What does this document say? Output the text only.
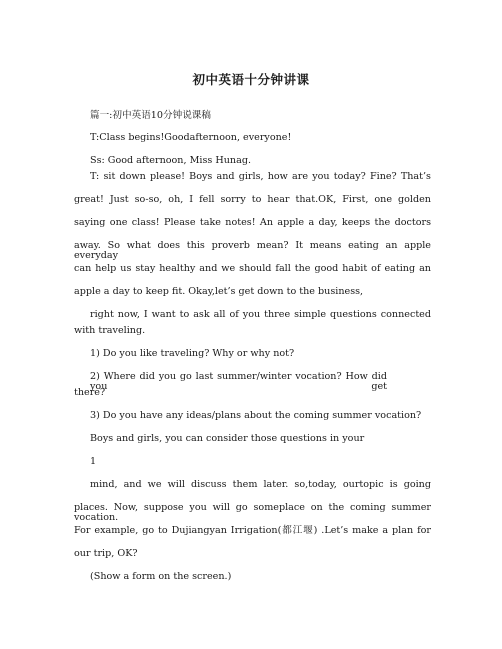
初中英语十分钟讲课
篇一:初中英语10分钟说课稿
T:Class begins!Goodafternoon, everyone!
Ss: Good afternoon, Miss Hunag.
T: sit down please! Boys and girls, how are you today? Fine? That’s
great! Just so-so, oh, I fell sorry to hear that.OK, First, one golden
saying one class! Please take notes! An apple a day, keeps the doctors
away. So what does this proverb mean? It means eating an apple everyday
can help us stay healthy and we should fall the good habit of eating an
apple a day to keep fit. Okay,let’s get down to the business,
right now, I want to ask all of you three simple questions connected
with traveling.
1) Do you like traveling? Why or why not?
2) Where did you go last summer/winter vocation? How did you get
there?
3) Do you have any ideas/plans about the coming summer vocation?
Boys and girls, you can consider those questions in your
1
mind, and we will discuss them later. so,today, ourtopic is going
places. Now, suppose you will go someplace on the coming summer vocation.
For example, go to Dujiangyan Irrigation(都江堰) .Let’s make a plan for
our trip, OK?
(Show a form on the screen.)
